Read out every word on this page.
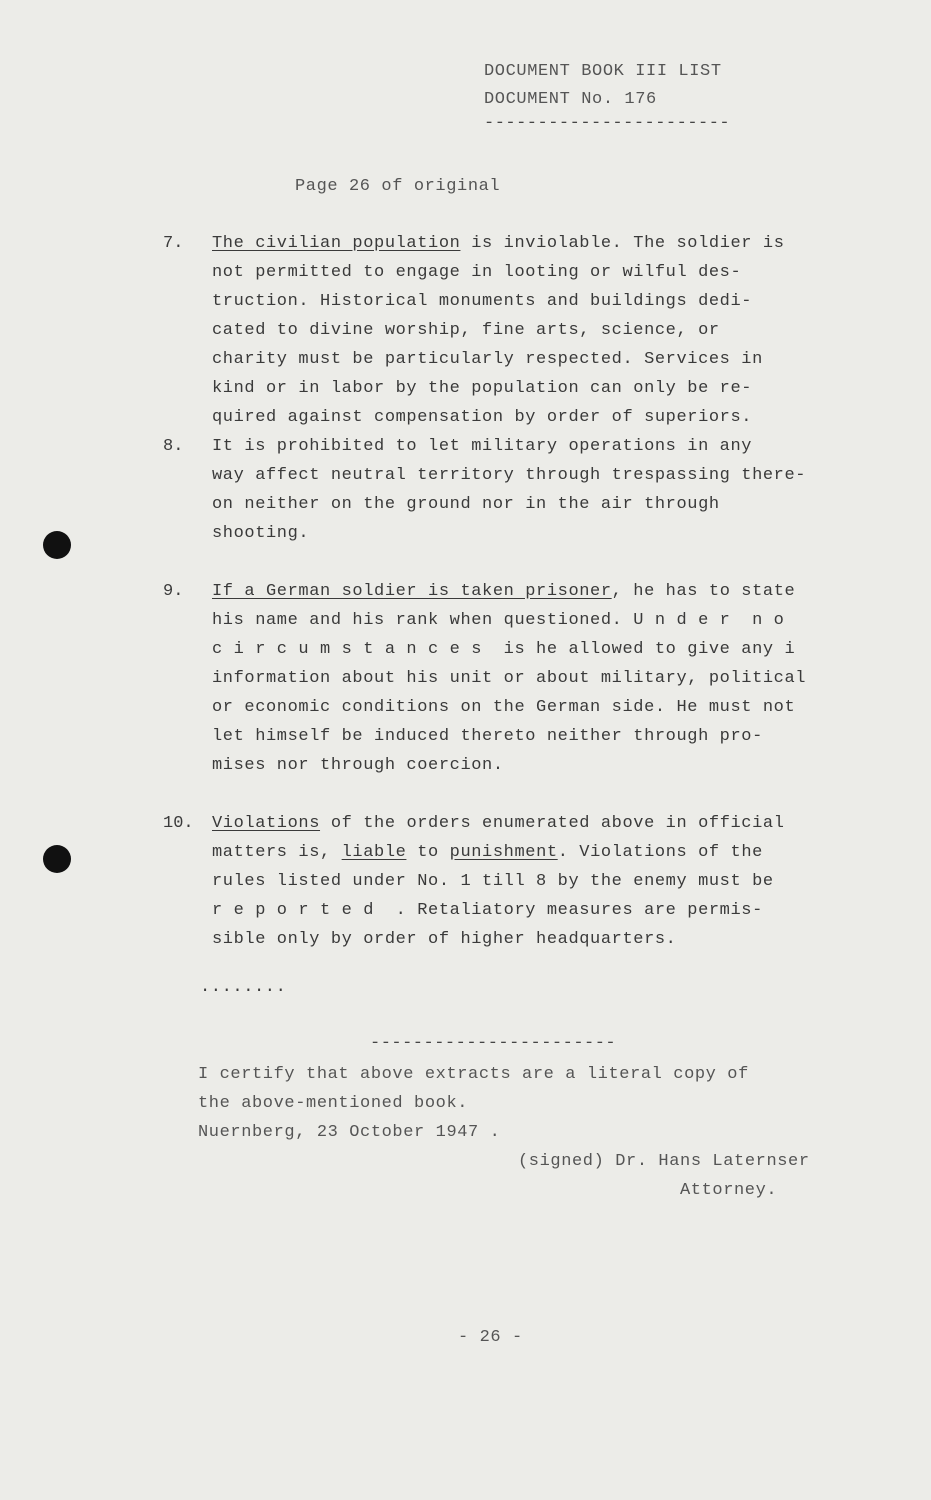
DOCUMENT BOOK III LIST
DOCUMENT No. 176
-----------------------
Page 26 of original
7. The civilian population is inviolable. The soldier is
not permitted to engage in looting or wilful des-
truction. Historical monuments and buildings dedi-
cated to divine worship, fine arts, science, or
charity must be particularly respected. Services in
kind or in labor by the population can only be re-
quired against compensation by order of superiors.
8. It is prohibited to let military operations in any
way affect neutral territory through trespassing there-
on neither on the ground nor in the air through
shooting.
9. If a German soldier is taken prisoner, he has to state
his name and his rank when questioned. U n d e r  n o
c i r c u m s t a n c e s  is he allowed to give any i
information about his unit or about military, political
or economic conditions on the German side. He must not
let himself be induced thereto neither through pro-
mises nor through coercion.
10. Violations of the orders enumerated above in official
matters is, liable to punishment. Violations of the
rules listed under No. 1 till 8 by the enemy must be
r e p o r t e d  . Retaliatory measures are permis-
sible only by order of higher headquarters.
........
-----------------------
I certify that above extracts are a literal copy of
the above-mentioned book.
Nuernberg, 23 October 1947 .
(signed) Dr. Hans Laternser
Attorney.
- 26 -
